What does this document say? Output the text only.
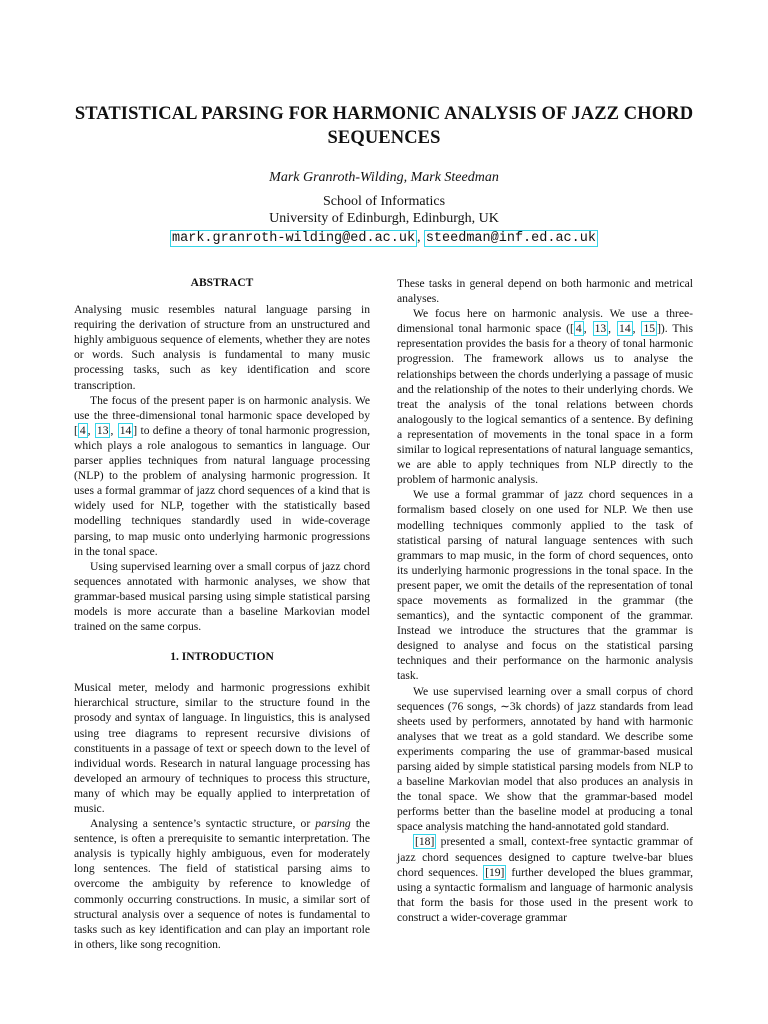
STATISTICAL PARSING FOR HARMONIC ANALYSIS OF JAZZ CHORD SEQUENCES
Mark Granroth-Wilding, Mark Steedman
School of Informatics
University of Edinburgh, Edinburgh, UK
mark.granroth-wilding@ed.ac.uk , steedman@inf.ed.ac.uk
ABSTRACT

Analysing music resembles natural language parsing in requiring the derivation of structure from an unstructured and highly ambiguous sequence of elements, whether they are notes or words. Such analysis is fundamental to many music processing tasks, such as key identification and score transcription.

The focus of the present paper is on harmonic analysis. We use the three-dimensional tonal harmonic space developed by [ 4 , 13 , 14 ] to define a theory of tonal harmonic progression, which plays a role analogous to semantics in language. Our parser applies techniques from natural language processing (NLP) to the problem of analysing harmonic progression. It uses a formal grammar of jazz chord sequences of a kind that is widely used for NLP, together with the statistically based modelling techniques standardly used in wide-coverage parsing, to map music onto underlying harmonic progressions in the tonal space.

Using supervised learning over a small corpus of jazz chord sequences annotated with harmonic analyses, we show that grammar-based musical parsing using simple statistical parsing models is more accurate than a baseline Markovian model trained on the same corpus.

1. INTRODUCTION

Musical meter, melody and harmonic progressions exhibit hierarchical structure, similar to the structure found in the prosody and syntax of language. In linguistics, this is analysed using tree diagrams to represent recursive divisions of constituents in a passage of text or speech down to the level of individual words. Research in natural language processing has developed an armoury of techniques to process this structure, many of which may be equally applied to interpretation of music.

Analysing a sentence’s syntactic structure, or parsing the sentence, is often a prerequisite to semantic interpretation. The analysis is typically highly ambiguous, even for moderately long sentences. The field of statistical parsing aims to overcome the ambiguity by reference to knowledge of commonly occurring constructions. In music, a similar sort of structural analysis over a sequence of notes is fundamental to tasks such as key identification and can play an important role in others, like song recognition.

These tasks in general depend on both harmonic and metrical analyses.

We focus here on harmonic analysis. We use a three-dimensional tonal harmonic space ([ 4 , 13 , 14 , 15 ]). This representation provides the basis for a theory of tonal harmonic progression. The framework allows us to analyse the relationships between the chords underlying a passage of music and the relationship of the notes to their underlying chords. We treat the analysis of the tonal relations between chords analogously to the logical semantics of a sentence. By defining a representation of movements in the tonal space in a form similar to logical representations of natural language semantics, we are able to apply techniques from NLP directly to the problem of harmonic analysis.

We use a formal grammar of jazz chord sequences in a formalism based closely on one used for NLP. We then use modelling techniques commonly applied to the task of statistical parsing of natural language sentences with such grammars to map music, in the form of chord sequences, onto its underlying harmonic progressions in the tonal space. In the present paper, we omit the details of the representation of tonal space movements as formalized in the grammar (the semantics), and the syntactic component of the grammar. Instead we introduce the structures that the grammar is designed to analyse and focus on the statistical parsing techniques and their performance on the harmonic analysis task.

We use supervised learning over a small corpus of chord sequences (76 songs, ∼3k chords) of jazz standards from lead sheets used by performers, annotated by hand with harmonic analyses that we treat as a gold standard. We describe some experiments comparing the use of grammar-based musical parsing aided by simple statistical parsing models from NLP to a baseline Markovian model that also produces an analysis in the tonal space. We show that the grammar-based model performs better than the baseline model at producing a tonal space analysis matching the hand-annotated gold standard.

[18] presented a small, context-free syntactic grammar of jazz chord sequences designed to capture twelve-bar blues chord sequences. [19] further developed the blues grammar, using a syntactic formalism and language of harmonic analysis that form the basis for those used in the present work to construct a wider-coverage grammar
